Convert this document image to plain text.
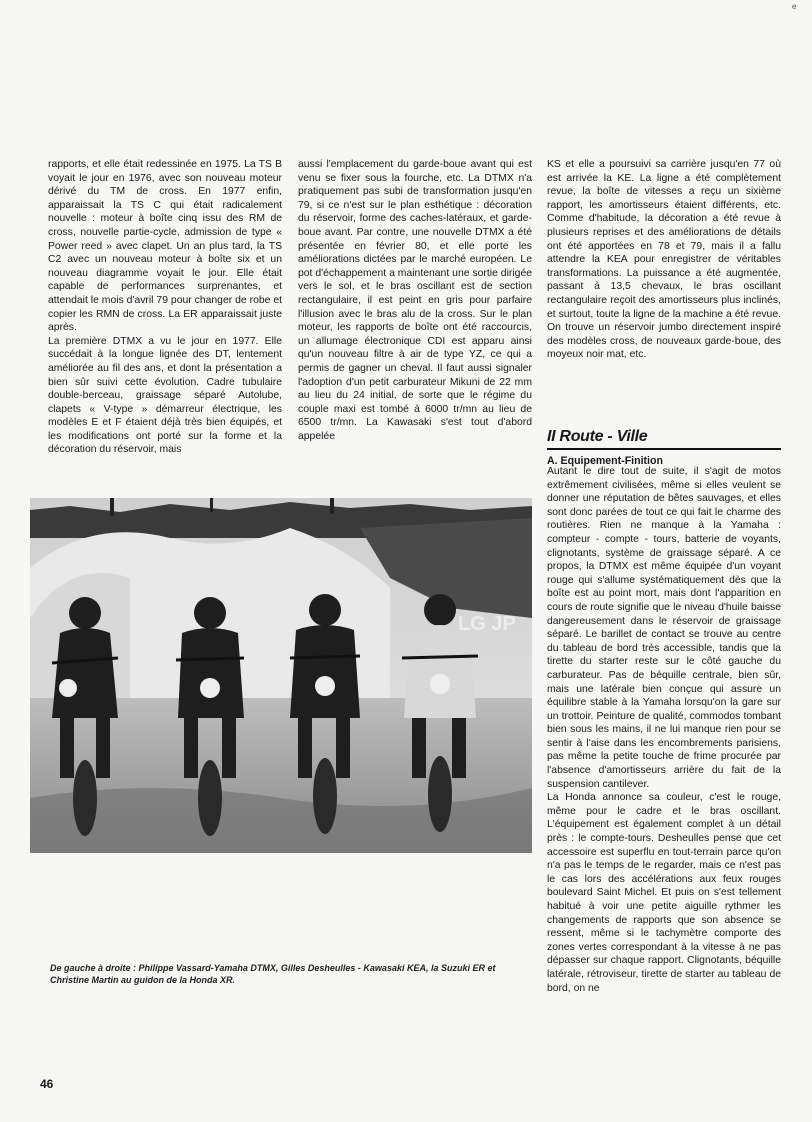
e

rapports, et elle était redessinée en 1975. La TS B voyait le jour en 1976, avec son nouveau moteur dérivé du TM de cross. En 1977 enfin, apparaissait la TS C qui était radicalement nouvelle : moteur à boîte cinq issu des RM de cross, nouvelle partie-cycle, admission de type « Power reed » avec clapet. Un an plus tard, la TS C2 avec un nouveau moteur à boîte six et un nouveau diagramme voyait le jour. Elle était capable de performances surprenantes, et attendait le mois d'avril 79 pour changer de robe et copier les RMN de cross. La ER apparaissait juste après.

La première DTMX a vu le jour en 1977. Elle succédait à la longue lignée des DT, lentement améliorée au fil des ans, et dont la présentation a bien sûr suivi cette évolution. Cadre tubulaire double-berceau, graissage séparé Autolube, clapets « V-type » démarreur électrique, les modèles E et F étaient déjà très bien équipés, et les modifications ont porté sur la forme et la décoration du réservoir, mais

aussi l'emplacement du garde-boue avant qui est venu se fixer sous la fourche, etc. La DTMX n'a pratiquement pas subi de transformation jusqu'en 79, si ce n'est sur le plan esthétique : décoration du réservoir, forme des caches-latéraux, et garde-boue avant. Par contre, une nouvelle DTMX a été présentée en février 80, et elle porte les améliorations dictées par le marché européen. Le pot d'échappement a maintenant une sortie dirigée vers le sol, et le bras oscillant est de section rectangulaire, il est peint en gris pour parfaire l'illusion avec le bras alu de la cross. Sur le plan moteur, les rapports de boîte ont été raccourcis, un allumage électronique CDI est apparu ainsi qu'un nouveau filtre à air de type YZ, ce qui a permis de gagner un cheval. Il faut aussi signaler l'adoption d'un petit carburateur Mikuni de 22 mm au lieu du 24 initial, de sorte que le régime du couple maxi est tombé à 6000 tr/mn au lieu de 6500 tr/mn. La Kawasaki s'est tout d'abord appelée

KS et elle a poursuivi sa carrière jusqu'en 77 où est arrivée la KE. La ligne a été complètement revue, la boîte de vitesses a reçu un sixième rapport, les amortisseurs étaient différents, etc. Comme d'habitude, la décoration a été revue à plusieurs reprises et des améliorations de détails ont été apportées en 78 et 79, mais il a fallu attendre la KEA pour enregistrer de véritables transformations. La puissance a été augmentée, passant à 13,5 chevaux, le bras oscillant rectangulaire reçoit des amortisseurs plus inclinés, et surtout, toute la ligne de la machine a été revue. On trouve un réservoir jumbo directement inspiré des modèles cross, de nouveaux garde-boue, des moyeux noir mat, etc.

II Route - Ville
A. Equipement-Finition

Autant le dire tout de suite, il s'agit de motos extrêmement civilisées, même si elles veulent se donner une réputation de bêtes sauvages, et elles sont donc parées de tout ce qui fait le charme des routières. Rien ne manque à la Yamaha : compteur - compte - tours, batterie de voyants, clignotants, système de graissage séparé. A ce propos, la DTMX est même équipée d'un voyant rouge qui s'allume systématiquement dès que la boîte est au point mort, mais dont l'apparition en cours de route signifie que le niveau d'huile baisse dangereusement dans le réservoir de graissage séparé. Le barillet de contact se trouve au centre du tableau de bord très accessible, tandis que la tirette du starter reste sur le côté gauche du carburateur. Pas de béquille centrale, bien sûr, mais une latérale bien conçue qui assure un équilibre stable à la Yamaha lorsqu'on la gare sur un trottoir. Peinture de qualité, commodos tombant bien sous les mains, il ne lui manque rien pour se sentir à l'aise dans les encombrements parisiens, pas même la petite touche de frime procurée par l'absence d'amortisseurs arrière du fait de la suspension cantilever.

La Honda annonce sa couleur, c'est le rouge, même pour le cadre et le bras oscillant. L'équipement est également complet à un détail près : le compte-tours. Desheulles pense que cet accessoire est superflu en tout-terrain parce qu'on n'a pas le temps de le regarder, mais ce n'est pas le cas lors des accélérations aux feux rouges boulevard Saint Michel. Et puis on s'est tellement habitué à voir une petite aiguille rythmer les changements de rapports que son absence se ressent, même si le tachymètre comporte des zones vertes correspondant à la vitesse à ne pas dépasser sur chaque rapport. Clignotants, béquille latérale, rétroviseur, tirette de starter au tableau de bord, on ne

LG JP
De gauche à droite : Philippe Vassard-Yamaha DTMX, Gilles Desheulles - Kawasaki KEA, la Suzuki ER et Christine Martin au guidon de la Honda XR.
46
